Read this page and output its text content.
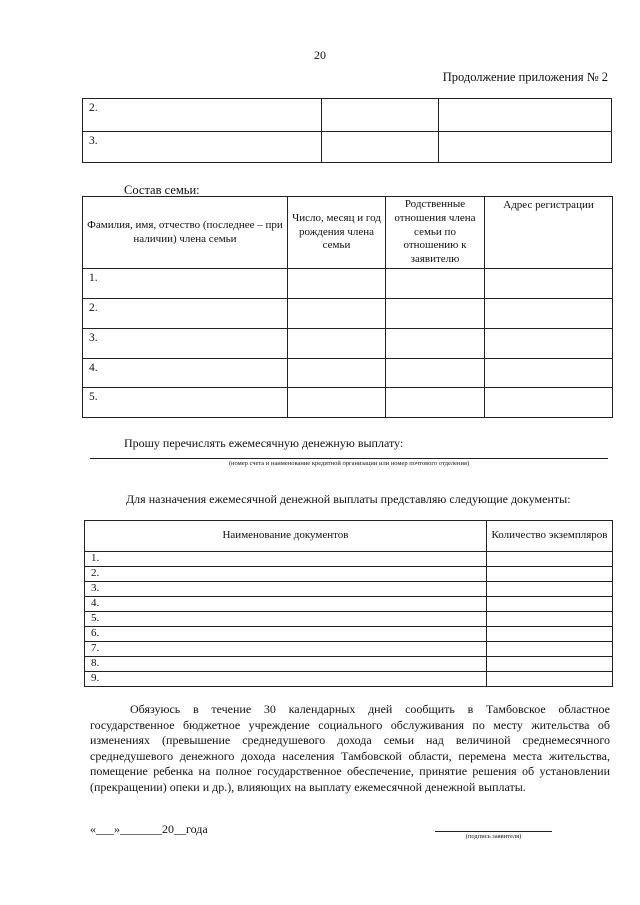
20
Продолжение приложения № 2
2.		
3.		
Состав семьи:
Фамилия, имя, отчество (последнее – при наличии) члена семьи	Число, месяц и год рождения члена семьи	Родственные отношения члена семьи по отношению к заявителю	Адрес регистрации
1.			
2.			
3.			
4.			
5.			
Прошу перечислять ежемесячную денежную выплату:
(номер счета и наименование кредитной организации или номер почтового отделения)
Для назначения ежемесячной денежной выплаты представляю следующие документы:
Наименование документов	Количество экземпляров
1.	
2.	
3.	
4.	
5.	
6.	
7.	
8.	
9.	
Обязуюсь в течение 30 календарных дней сообщить в Тамбовское областное государственное бюджетное учреждение социального обслуживания по месту жительства об изменениях (превышение среднедушевого дохода семьи над величиной среднемесячного среднедушевого денежного дохода населения Тамбовской области, перемена места жительства, помещение ребенка на полное государственное обеспечение, принятие решения об установлении (прекращении) опеки и др.), влияющих на выплату ежемесячной денежной выплаты.
«___»_______20__года
(подпись заявителя)
